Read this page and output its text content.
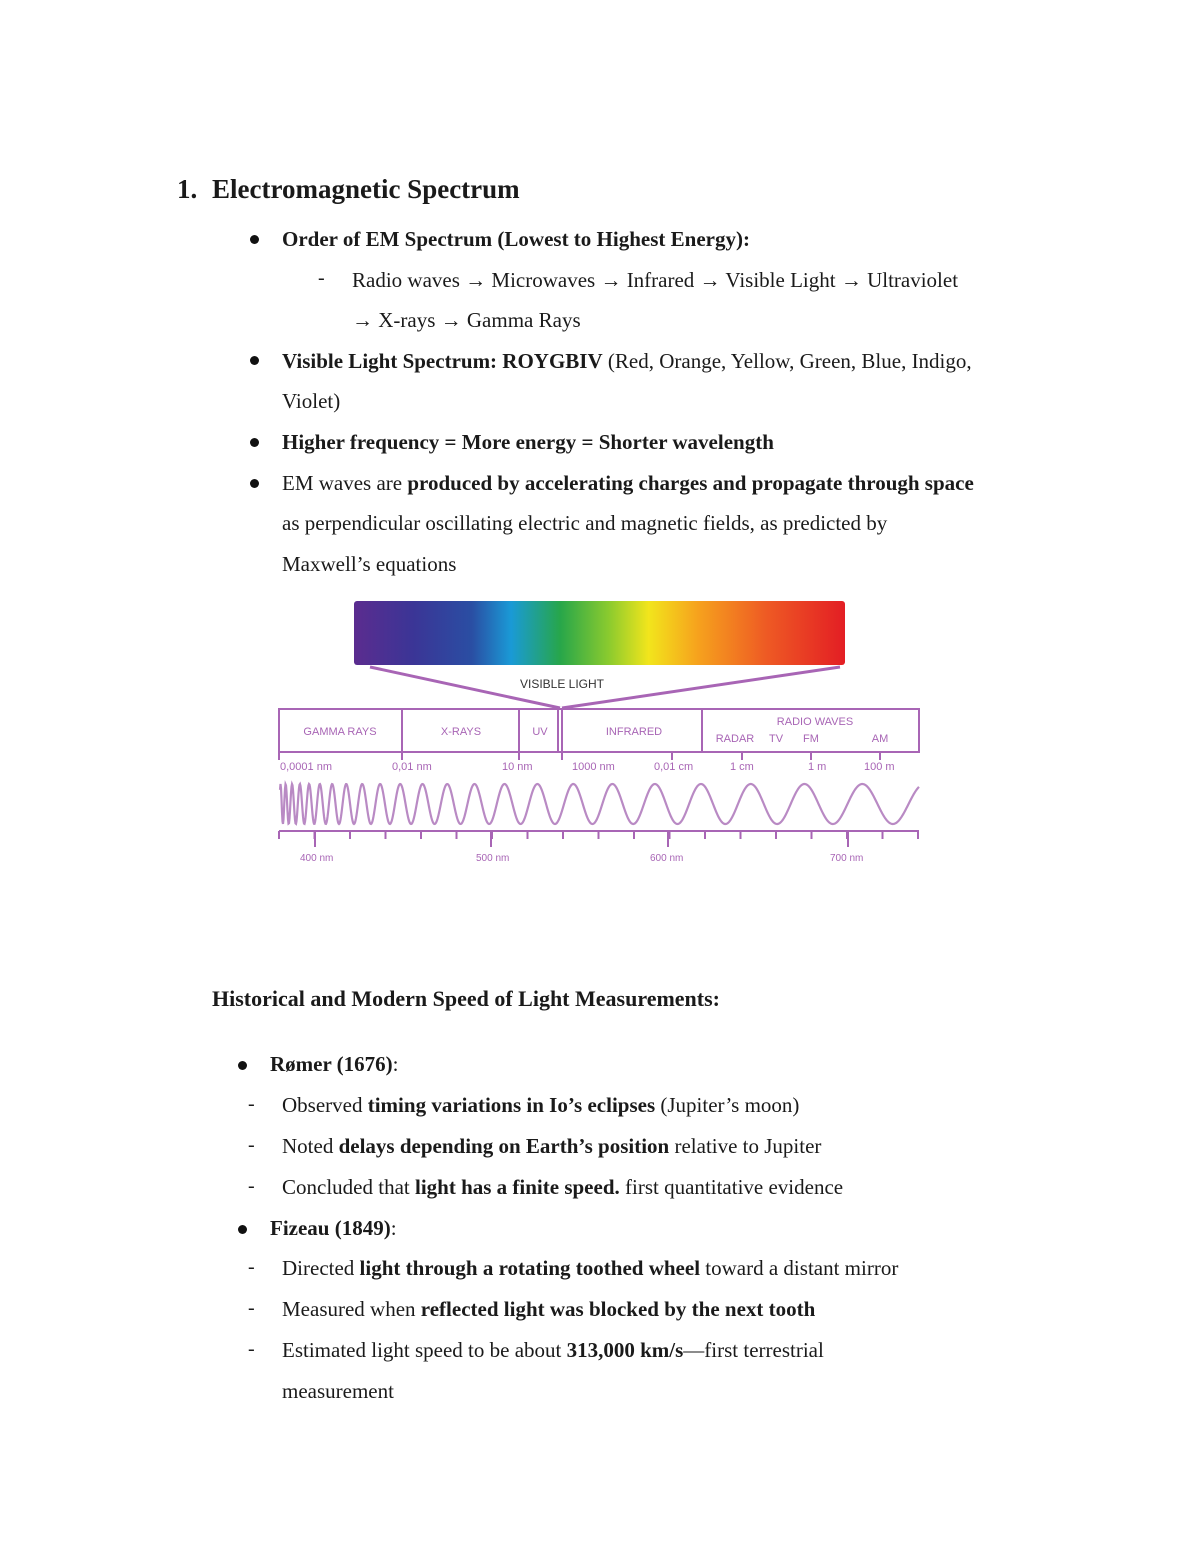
1. Electromagnetic Spectrum
Order of EM Spectrum (Lowest to Highest Energy):
- Radio waves → Microwaves → Infrared → Visible Light → Ultraviolet
→ X-rays → Gamma Rays
Visible Light Spectrum: ROYGBIV (Red, Orange, Yellow, Green, Blue, Indigo,
Violet)
Higher frequency = More energy = Shorter wavelength
EM waves are produced by accelerating charges and propagate through space
as perpendicular oscillating electric and magnetic fields, as predicted by
Maxwell’s equations
VISIBLE LIGHT
GAMMA RAYS	X-RAYS	UV	INFRARED
RADIO WAVES
RADAR TV FM	AM
0,0001 nm	0,01 nm	10 nm	1000 nm	0,01 cm	1 cm	1 m	100 m
400 nm	500 nm	600 nm	700 nm
Historical and Modern Speed of Light Measurements:
Rømer (1676):
- Observed timing variations in Io’s eclipses (Jupiter’s moon)
- Noted delays depending on Earth’s position relative to Jupiter
- Concluded that light has a finite speed. first quantitative evidence
Fizeau (1849):
- Directed light through a rotating toothed wheel toward a distant mirror
- Measured when reflected light was blocked by the next tooth
- Estimated light speed to be about 313,000 km/s—first terrestrial
measurement
